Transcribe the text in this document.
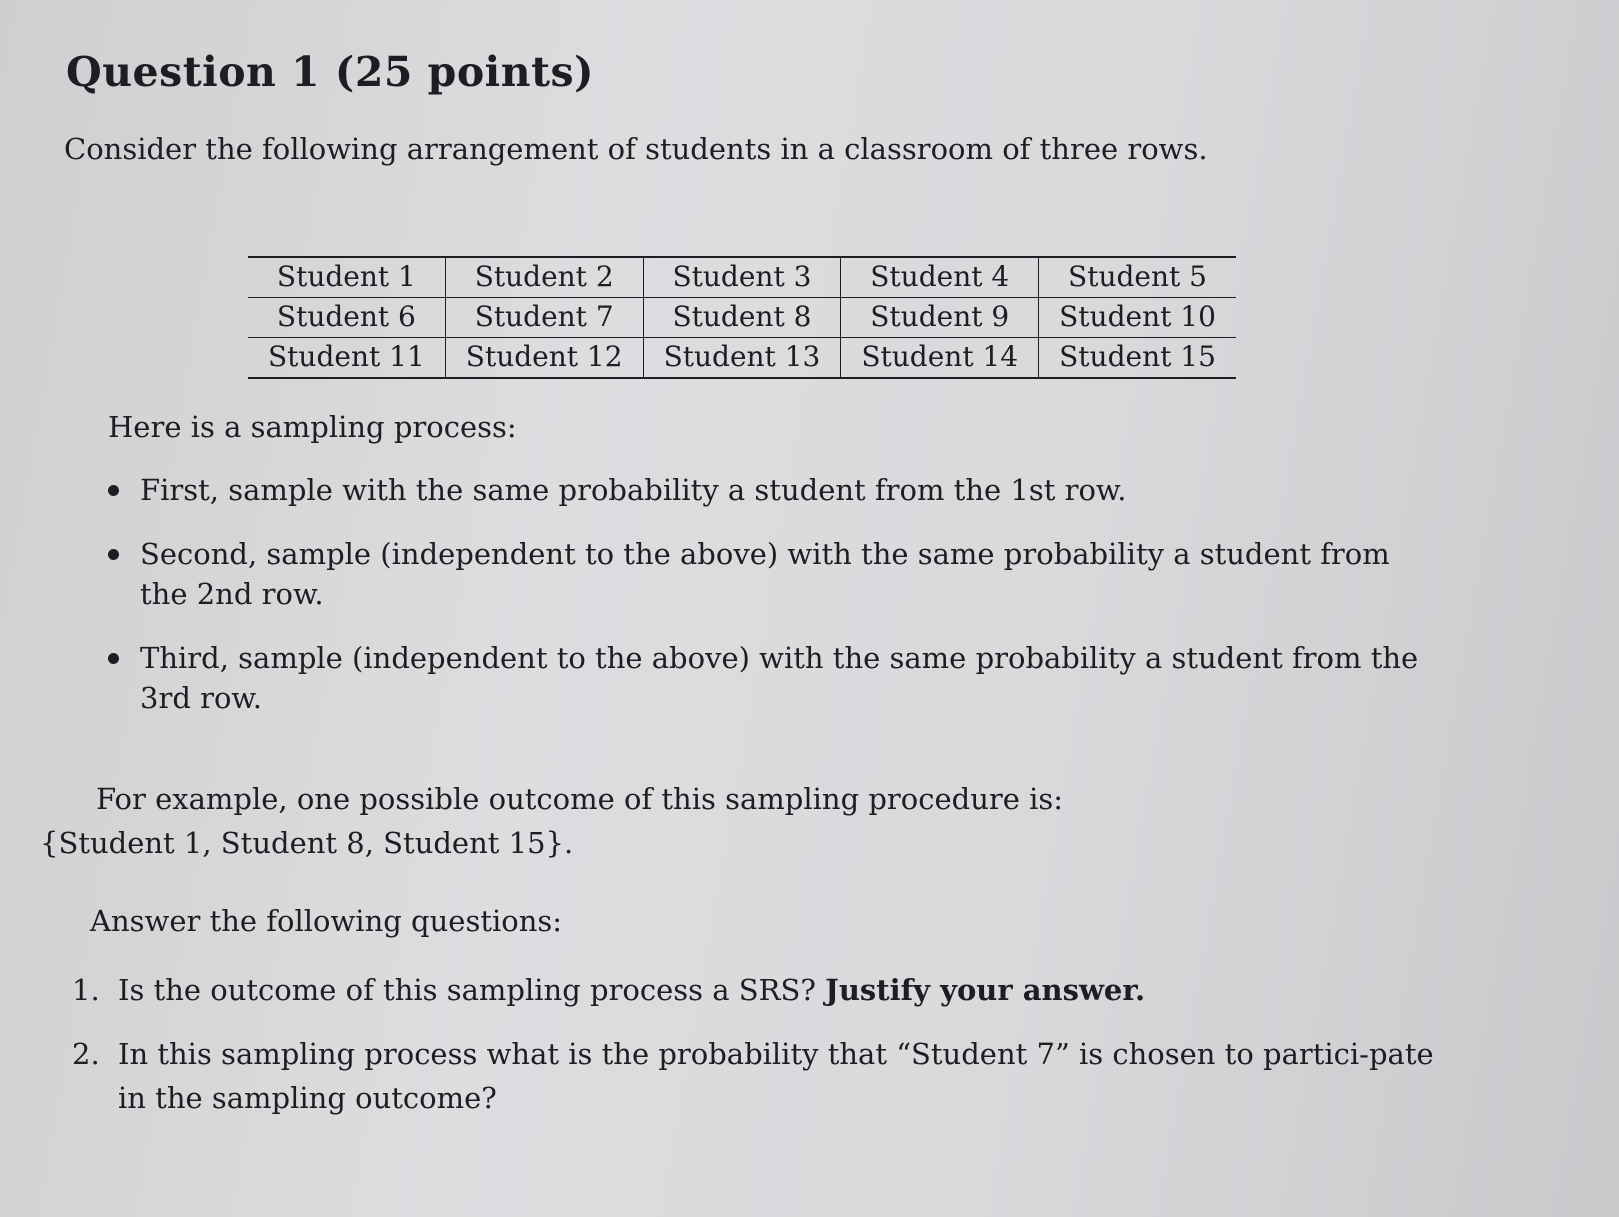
Question 1 (25 points)

Consider the following arrangement of students in a classroom of three rows.

Student 1	Student 2	Student 3	Student 4	Student 5
Student 6	Student 7	Student 8	Student 9	Student 10
Student 11	Student 12	Student 13	Student 14	Student 15

Here is a sampling process:

First, sample with the same probability a student from the 1st row.
Second, sample (independent to the above) with the same probability a student from the 2nd row.
Third, sample (independent to the above) with the same probability a student from the 3rd row.

For example, one possible outcome of this sampling procedure is:

{Student 1, Student 8, Student 15}.

Answer the following questions:

1. Is the outcome of this sampling process a SRS? Justify your answer.
2. In this sampling process what is the probability that “Student 7” is chosen to partici-pate in the sampling outcome?
